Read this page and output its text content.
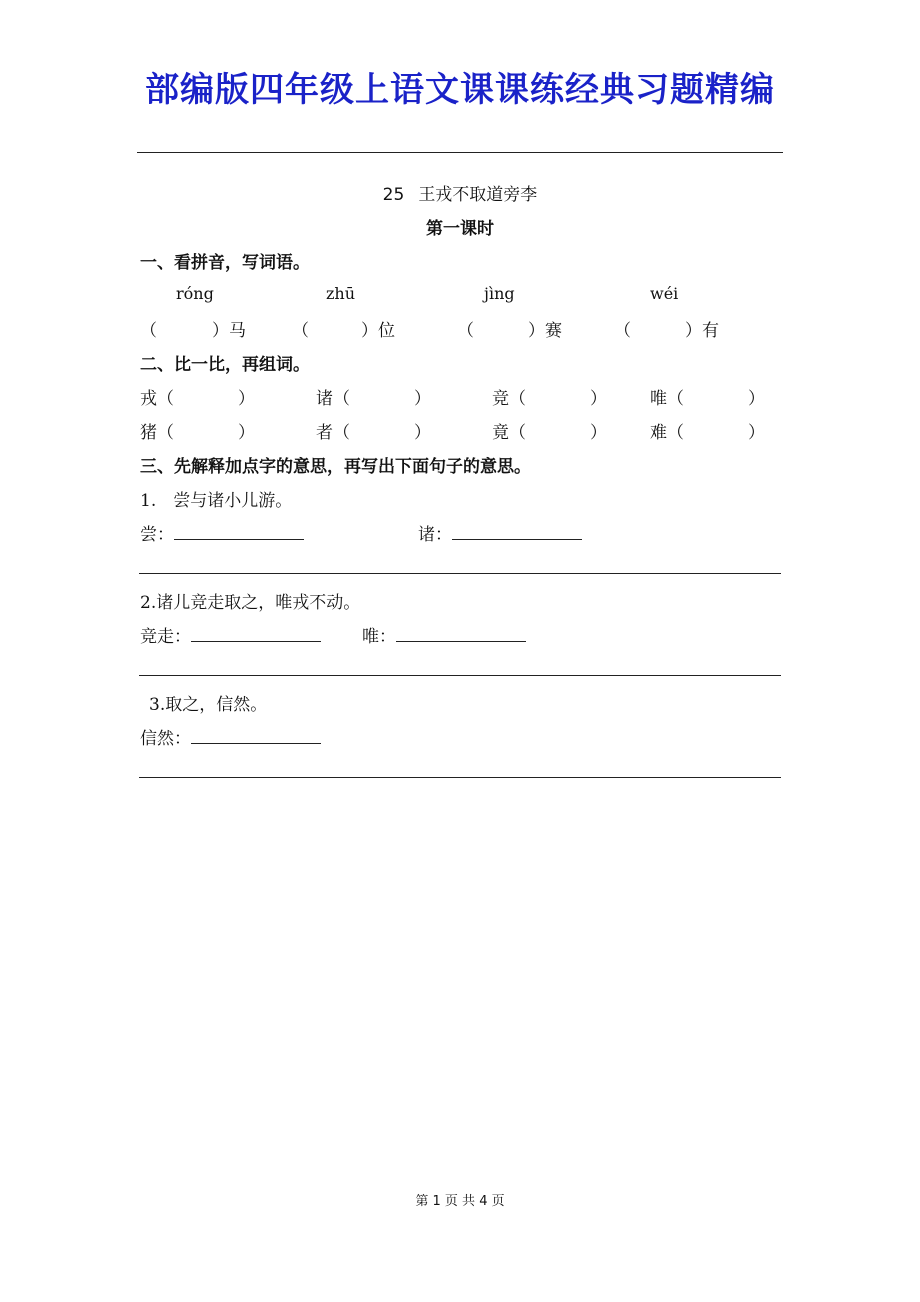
部编版四年级上语文课课练经典习题精编
25 王戎不取道旁李
第一课时
一、看拼音，写词语。
róng	zhū	jìng	wéi
（	）马	（	）位	（	）赛	（	）有
二、比一比，再组词。
戎（	）	诸（	）	竞（	）	唯（	）
猪（	）	者（	）	竟（	）	难（	）
三、先解释加点字的意思，再写出下面句子的意思。
1.　尝与诸小儿游。
尝：	诸：
2.诸儿竞走取之，唯戎不动。
竞走：	唯：
3.取之，信然。
信然：
第 1 页 共 4 页
